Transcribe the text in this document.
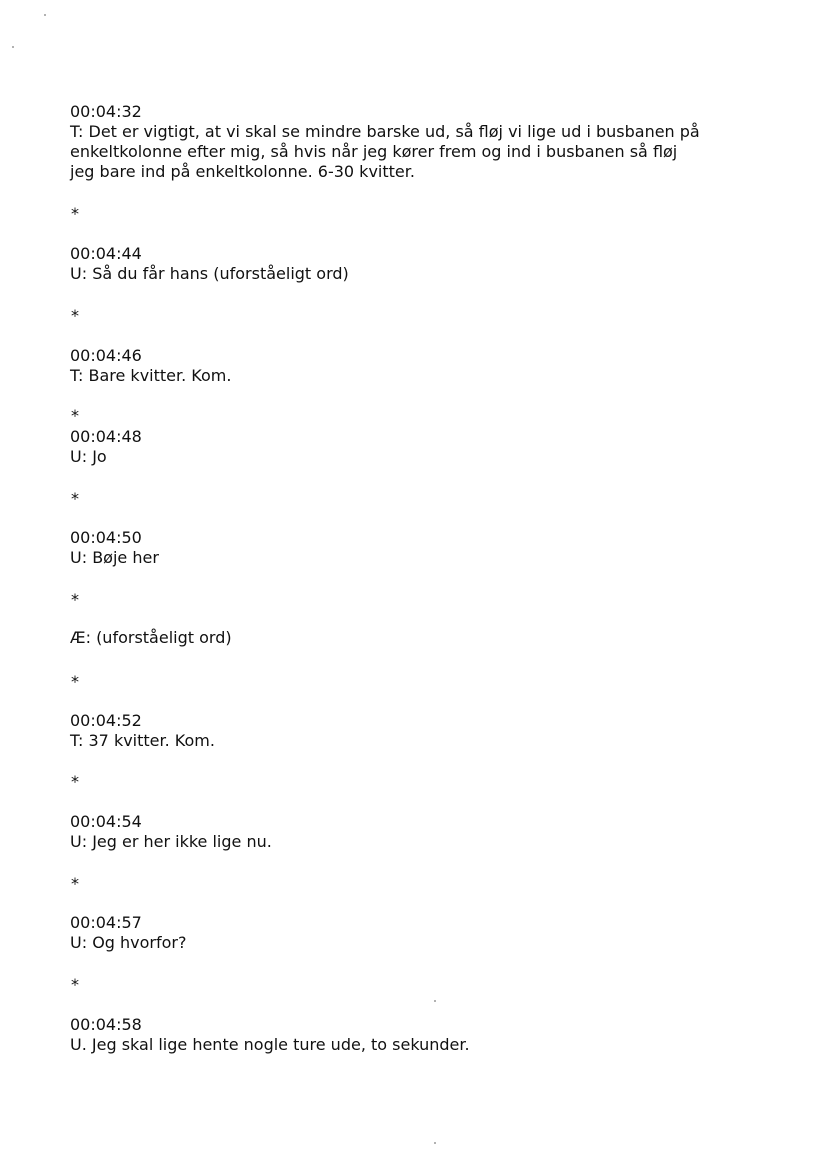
00:04:32
T: Det er vigtigt, at vi skal se mindre barske ud, så fløj vi lige ud i busbanen på
enkeltkolonne efter mig, så hvis når jeg kører frem og ind i busbanen så fløj
jeg bare ind på enkeltkolonne. 6-30 kvitter.
*
00:04:44
U: Så du får hans (uforståeligt ord)
*
00:04:46
T: Bare kvitter. Kom.
*
00:04:48
U: Jo
*
00:04:50
U: Bøje her
*
Æ: (uforståeligt ord)
*
00:04:52
T: 37 kvitter. Kom.
*
00:04:54
U: Jeg er her ikke lige nu.
*
00:04:57
U: Og hvorfor?
*
00:04:58
U. Jeg skal lige hente nogle ture ude, to sekunder.
